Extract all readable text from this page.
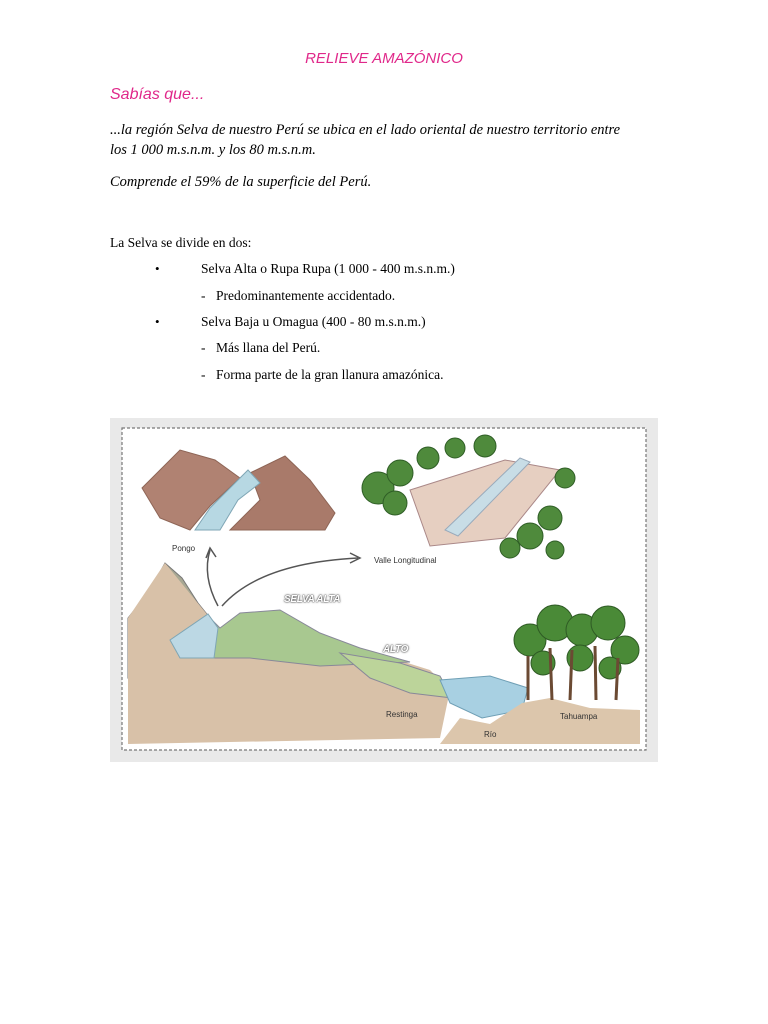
RELIEVE AMAZÓNICO
Sabías que...
...la región Selva de nuestro Perú se ubica en el lado oriental de nuestro territorio entre
los 1 000 m.s.n.m. y los 80 m.s.n.m.
Comprende el 59% de la superficie del Perú.
La Selva se divide en dos:
•	Selva Alta o Rupa Rupa (1 000 - 400 m.s.n.m.)
- Predominantemente accidentado.
•	Selva Baja u Omagua (400 - 80 m.s.n.m.)
- Más llana del Perú.
- Forma parte de la gran llanura amazónica.
Pongo
Valle Longitudinal
SELVA ALTA
ALTO
Restinga
Río
Tahuampa
